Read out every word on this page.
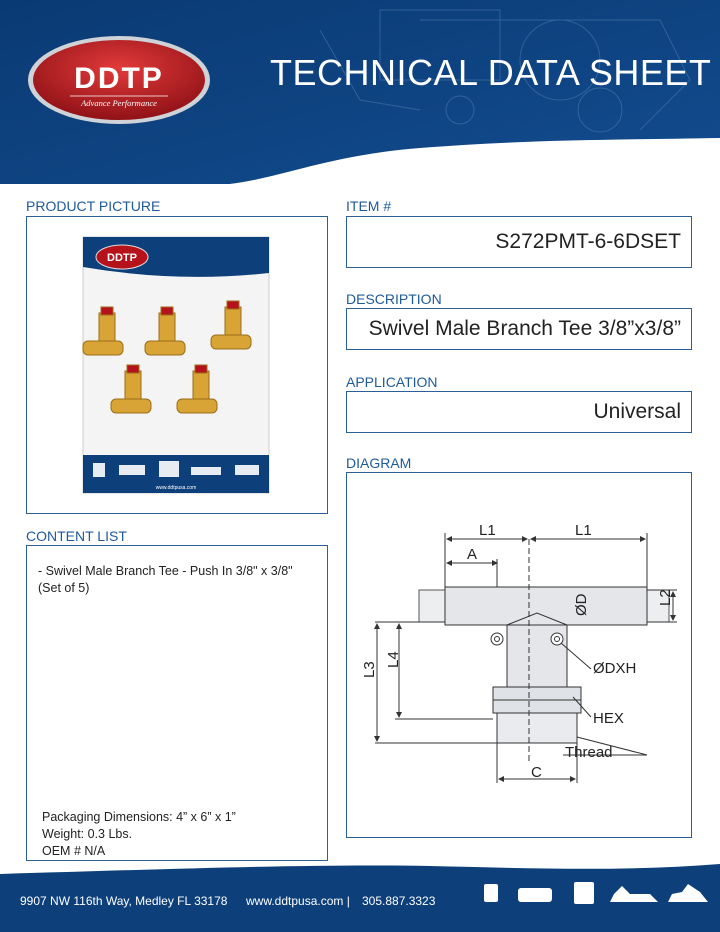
DDTP
Advance Performance
TECHNICAL DATA SHEET
PRODUCT PICTURE
DDTP
www.ddtpusa.com
ITEM #
S272PMT-6-6DSET
DESCRIPTION
Swivel Male Branch Tee 3/8”x3/8”
APPLICATION
Universal
DIAGRAM
L1	L1
A
L2
ØD
L3
L4
ØDXH
HEX
Thread
C
CONTENT LIST
- Swivel Male Branch Tee - Push In 3/8" x 3/8"
(Set of 5)
Packaging Dimensions: 4” x 6” x 1”
Weight: 0.3 Lbs.
OEM # N/A
9907 NW 116th Way, Medley FL 33178 www.ddtpusa.com | 305.887.3323
